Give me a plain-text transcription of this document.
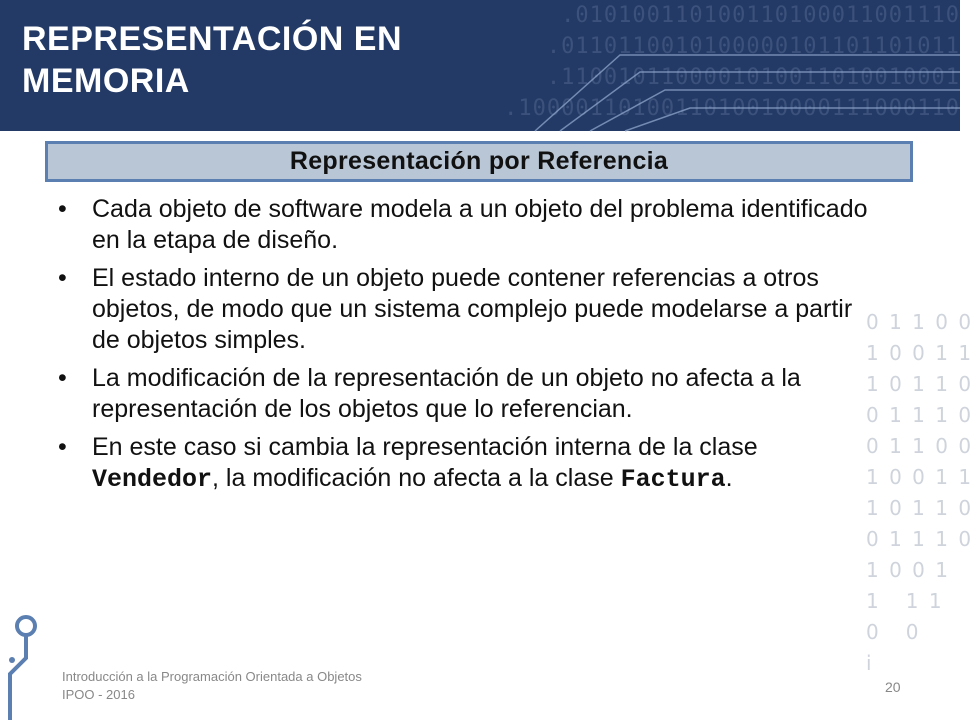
.010100110100110100011001110
.0110110010100000101101101011
.1100101100001010011010010001
.1000011010011010010000111000110
REPRESENTACIÓN EN
MEMORIA
Representación por Referencia
0 1 1 0 0
1 0 0 1 1
1 0 1 1 0
0 1 1 1 0
0 1 1 0 0
1 0 0 1 1
1 0 1 1 0
0 1 1 1 0
1 0 0 1
1   1 1
0   0
i
• Cada objeto de software modela a un objeto del problema identificado en la etapa de diseño.
• El estado interno de un objeto puede contener referencias a otros objetos, de modo que un sistema complejo puede modelarse a partir de objetos simples.
• La modificación de la representación de un objeto no afecta a la representación de los objetos que lo referencian.
• En este caso si cambia la representación interna de la clase Vendedor, la modificación no afecta a la clase Factura.
Introducción a la Programación Orientada a Objetos
IPOO - 2016	20
